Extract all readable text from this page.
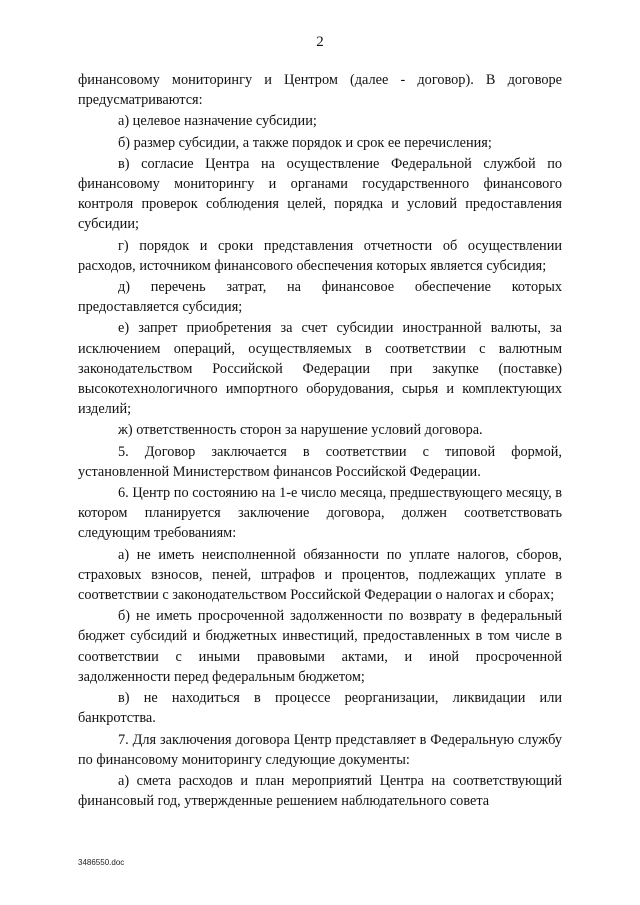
2

финансовому мониторингу и Центром (далее - договор). В договоре предусматриваются:

а) целевое назначение субсидии;

б) размер субсидии, а также порядок и срок ее перечисления;

в) согласие Центра на осуществление Федеральной службой по финансовому мониторингу и органами государственного финансового контроля проверок соблюдения целей, порядка и условий предоставления субсидии;

г) порядок и сроки представления отчетности об осуществлении расходов, источником финансового обеспечения которых является субсидия;

д) перечень затрат, на финансовое обеспечение которых предоставляется субсидия;

е) запрет приобретения за счет субсидии иностранной валюты, за исключением операций, осуществляемых в соответствии с валютным законодательством Российской Федерации при закупке (поставке) высокотехнологичного импортного оборудования, сырья и комплектующих изделий;

ж) ответственность сторон за нарушение условий договора.

5. Договор заключается в соответствии с типовой формой, установленной Министерством финансов Российской Федерации.

6. Центр по состоянию на 1-е число месяца, предшествующего месяцу, в котором планируется заключение договора, должен соответствовать следующим требованиям:

а) не иметь неисполненной обязанности по уплате налогов, сборов, страховых взносов, пеней, штрафов и процентов, подлежащих уплате в соответствии с законодательством Российской Федерации о налогах и сборах;

б) не иметь просроченной задолженности по возврату в федеральный бюджет субсидий и бюджетных инвестиций, предоставленных в том числе в соответствии с иными правовыми актами, и иной просроченной задолженности перед федеральным бюджетом;

в) не находиться в процессе реорганизации, ликвидации или банкротства.

7. Для заключения договора Центр представляет в Федеральную службу по финансовому мониторингу следующие документы:

а) смета расходов и план мероприятий Центра на соответствующий финансовый год, утвержденные решением наблюдательного совета

3486550.doc
